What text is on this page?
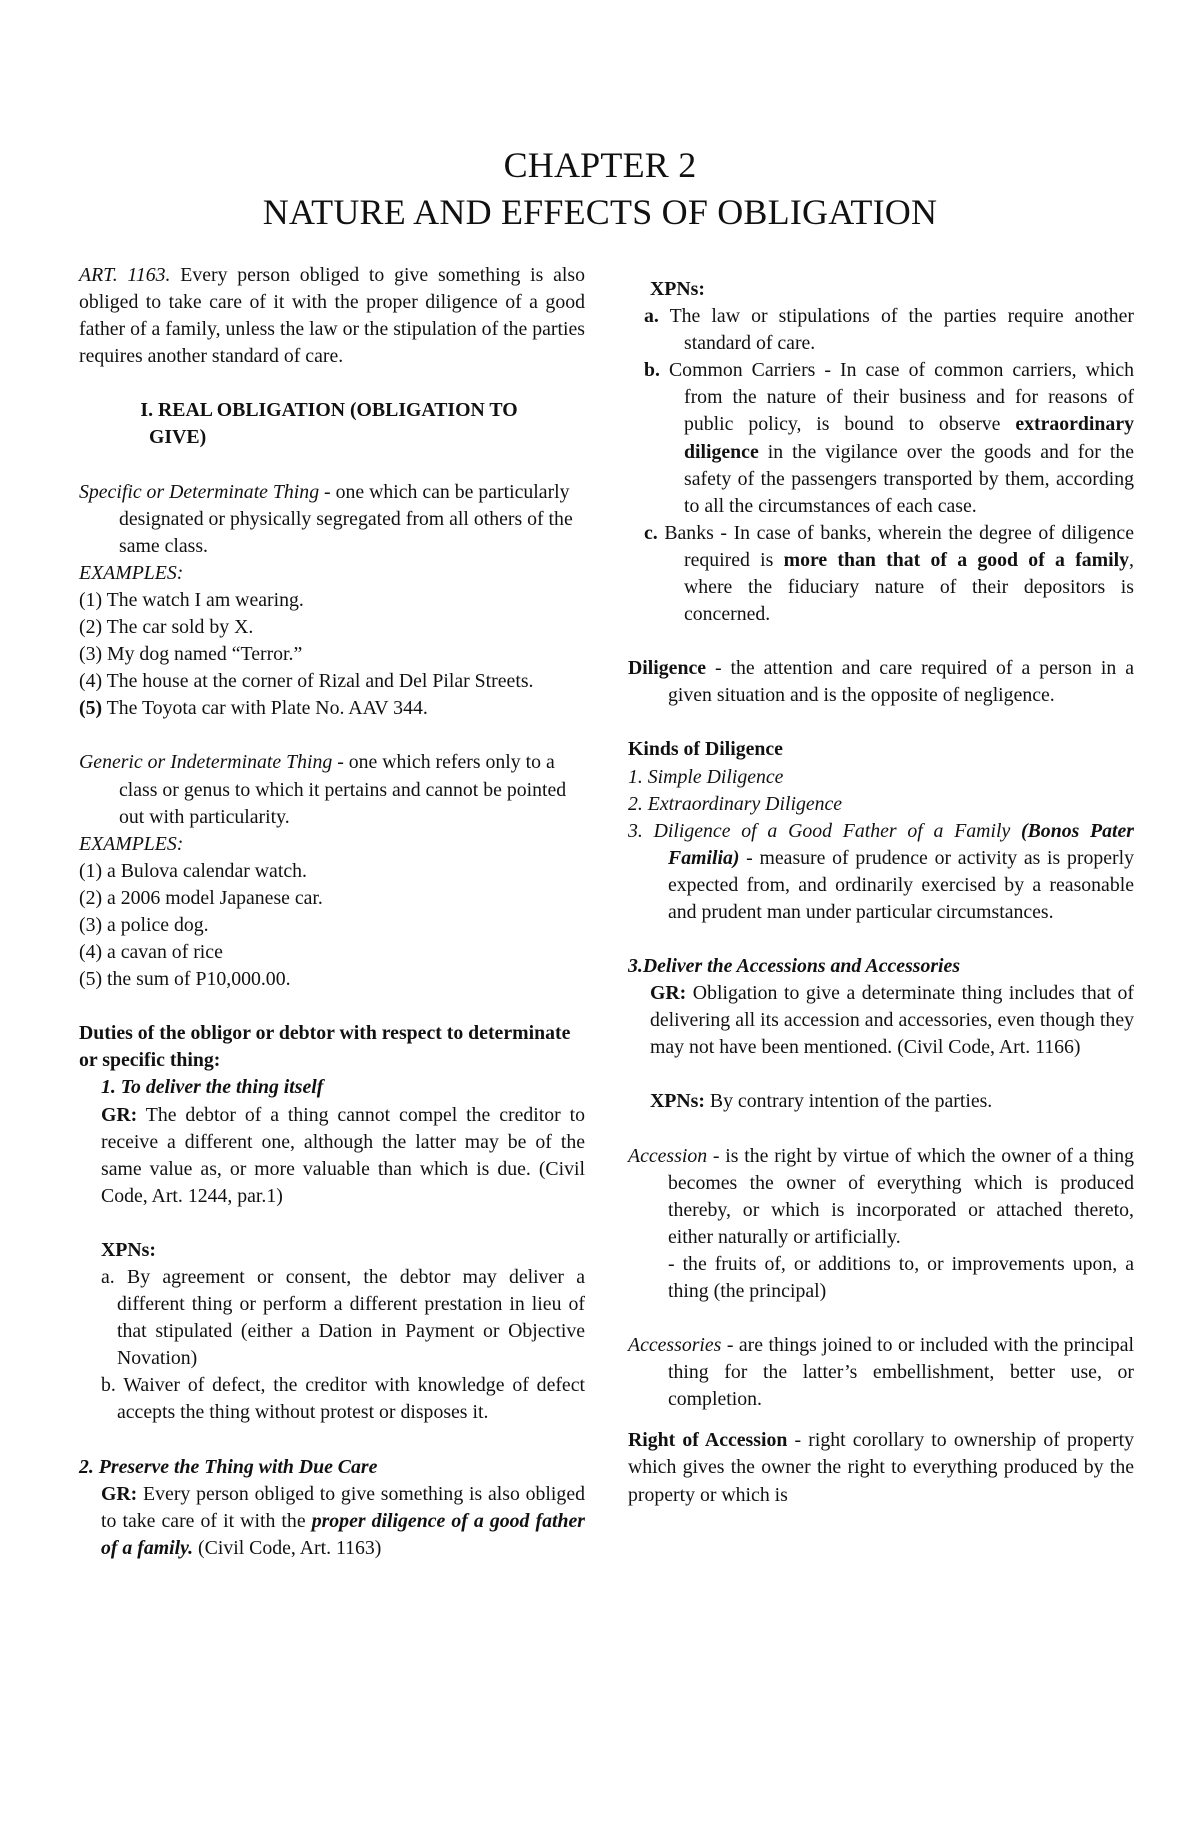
CHAPTER 2
NATURE AND EFFECTS OF OBLIGATION

ART. 1163. Every person obliged to give something is also obliged to take care of it with the proper diligence of a good father of a family, unless the law or the stipulation of the parties requires another standard of care.

I. REAL OBLIGATION (OBLIGATION TO

GIVE)

Specific or Determinate Thing - one which can be particularly designated or physically segregated from all others of the same class.

EXAMPLES:

(1) The watch I am wearing.

(2) The car sold by X.

(3) My dog named “Terror.”

(4) The house at the corner of Rizal and Del Pilar Streets.

(5) The Toyota car with Plate No. AAV 344.

Generic or Indeterminate Thing - one which refers only to a class or genus to which it pertains and cannot be pointed out with particularity.

EXAMPLES:

(1) a Bulova calendar watch.

(2) a 2006 model Japanese car.

(3) a police dog.

(4) a cavan of rice

(5) the sum of P10,000.00.

Duties of the obligor or debtor with respect to determinate or specific thing:

1. To deliver the thing itself

GR: The debtor of a thing cannot compel the creditor to receive a different one, although the latter may be of the same value as, or more valuable than which is due. (Civil Code, Art. 1244, par.1)

XPNs:

a. By agreement or consent, the debtor may deliver a different thing or perform a different prestation in lieu of that stipulated (either a Dation in Payment or Objective Novation)

b. Waiver of defect, the creditor with knowledge of defect accepts the thing without protest or disposes it.

2. Preserve the Thing with Due Care

GR: Every person obliged to give something is also obliged to take care of it with the proper diligence of a good father of a family. (Civil Code, Art. 1163)

XPNs:

a. The law or stipulations of the parties require another standard of care.

b. Common Carriers - In case of common carriers, which from the nature of their business and for reasons of public policy, is bound to observe extraordinary diligence in the vigilance over the goods and for the safety of the passengers transported by them, according to all the circumstances of each case.

c. Banks - In case of banks, wherein the degree of diligence required is more than that of a good of a family, where the fiduciary nature of their depositors is concerned.

Diligence - the attention and care required of a person in a given situation and is the opposite of negligence.

Kinds of Diligence

1. Simple Diligence

2. Extraordinary Diligence

3. Diligence of a Good Father of a Family (Bonos Pater Familia) - measure of prudence or activity as is properly expected from, and ordinarily exercised by a reasonable and prudent man under particular circumstances.

3.Deliver the Accessions and Accessories

GR: Obligation to give a determinate thing includes that of delivering all its accession and accessories, even though they may not have been mentioned. (Civil Code, Art. 1166)

XPNs: By contrary intention of the parties.

Accession - is the right by virtue of which the owner of a thing becomes the owner of everything which is produced thereby, or which is incorporated or attached thereto, either naturally or artificially.

- the fruits of, or additions to, or improvements upon, a thing (the principal)

Accessories - are things joined to or included with the principal thing for the latter’s embellishment, better use, or completion.

Right of Accession - right corollary to ownership of property which gives the owner the right to everything produced by the property or which is
